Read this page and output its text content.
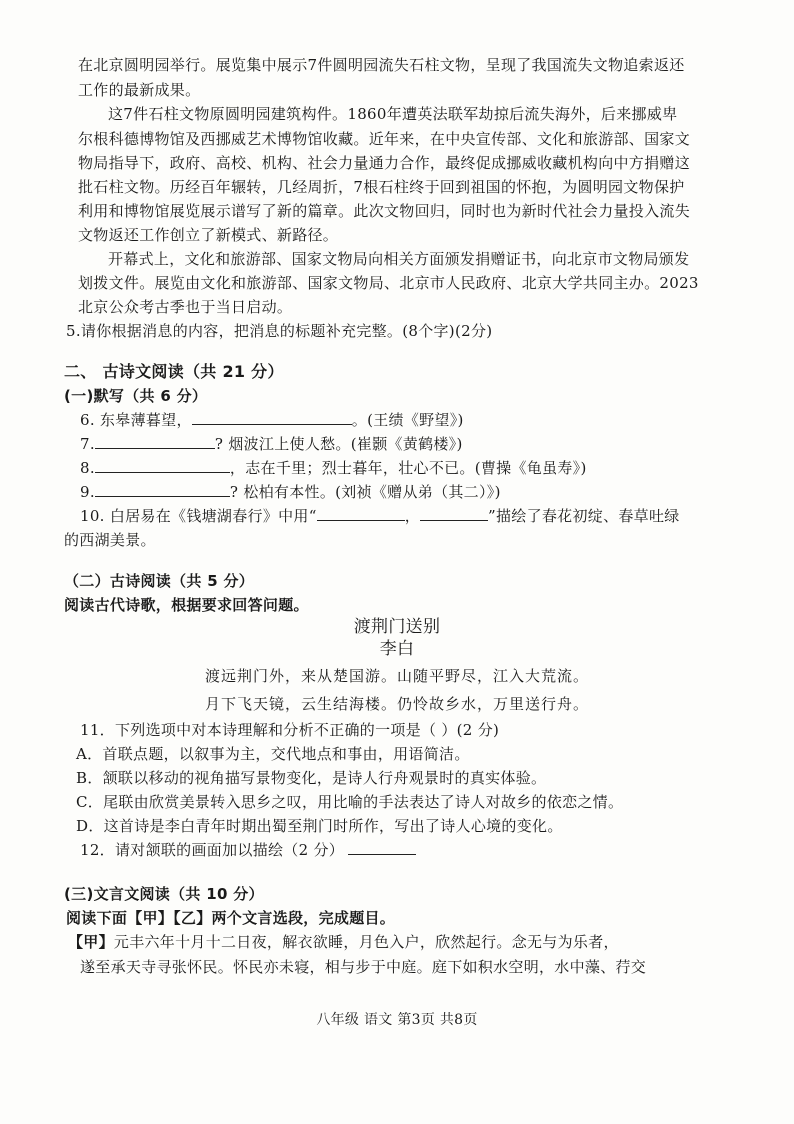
在北京圆明园举行。展览集中展示7件圆明园流失石柱文物，呈现了我国流失文物追索返还
工作的最新成果。
这7件石柱文物原圆明园建筑构件。1860年遭英法联军劫掠后流失海外，后来挪威卑
尔根科德博物馆及西挪威艺术博物馆收藏。近年来，在中央宣传部、文化和旅游部、国家文
物局指导下，政府、高校、机构、社会力量通力合作，最终促成挪威收藏机构向中方捐赠这
批石柱文物。历经百年辗转，几经周折，7根石柱终于回到祖国的怀抱，为圆明园文物保护
利用和博物馆展览展示谱写了新的篇章。此次文物回归，同时也为新时代社会力量投入流失
文物返还工作创立了新模式、新路径。
开幕式上，文化和旅游部、国家文物局向相关方面颁发捐赠证书，向北京市文物局颁发
划拨文件。展览由文化和旅游部、国家文物局、北京市人民政府、北京大学共同主办。2023
北京公众考古季也于当日启动。
5.请你根据消息的内容，把消息的标题补充完整。(8个字)(2分)
二、 古诗文阅读（共 21 分）
(一)默写（共 6 分）
6. 东皋薄暮望，	。(王绩《野望》)
7.	? 烟波江上使人愁。(崔颢《黄鹤楼》)
8.	，志在千里；烈士暮年，壮心不已。(曹操《龟虽寿》)
9.	? 松柏有本性。(刘祯《赠从弟（其二）》)
10. 白居易在《钱塘湖春行》中用“	，	”描绘了春花初绽、春草吐绿
的西湖美景。
（二）古诗阅读（共 5 分）
阅读古代诗歌，根据要求回答问题。
渡荆门送别
李白
渡远荆门外，来从楚国游。山随平野尽，江入大荒流。
月下飞天镜，云生结海楼。仍怜故乡水，万里送行舟。
11．下列选项中对本诗理解和分析不正确的一项是（ ）(2 分)
A．首联点题，以叙事为主，交代地点和事由，用语简洁。
B．颔联以移动的视角描写景物变化，是诗人行舟观景时的真实体验。
C．尾联由欣赏美景转入思乡之叹，用比喻的手法表达了诗人对故乡的依恋之情。
D．这首诗是李白青年时期出蜀至荆门时所作，写出了诗人心境的变化。
12．请对颔联的画面加以描绘（2 分）
(三)文言文阅读（共 10 分）
阅读下面【甲】【乙】两个文言选段，完成题目。
【甲】元丰六年十月十二日夜，解衣欲睡，月色入户，欣然起行。念无与为乐者，
遂至承天寺寻张怀民。怀民亦未寝，相与步于中庭。庭下如积水空明，水中藻、荇交
八年级 语文 第3页 共8页
